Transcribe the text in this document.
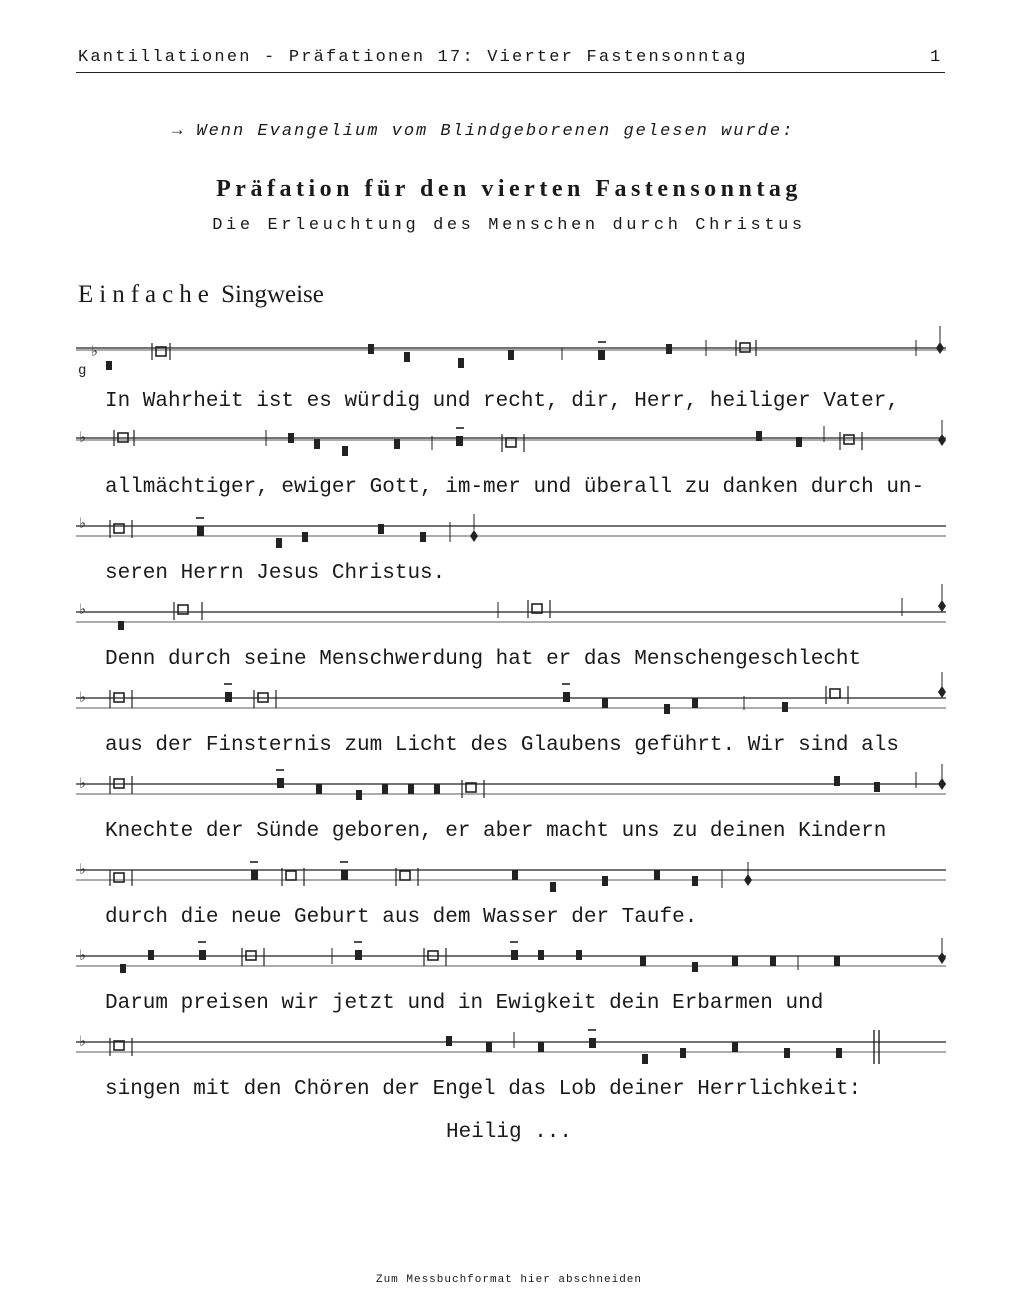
Kantillationen - Präfationen 17: Vierter Fastensonntag	1
→ Wenn Evangelium vom Blindgeborenen gelesen wurde:
Präfation für den vierten Fastensonntag
Die Erleuchtung des Menschen durch Christus
Einfache Singweise
♭
g
In Wahrheit ist es würdig und recht, dir, Herr, heiliger Vater,
♭
allmächtiger, ewiger Gott, im-mer und überall zu danken durch un-
♭
seren Herrn Jesus Christus.
♭
Denn durch seine Menschwerdung hat er das Menschengeschlecht
♭
aus der Finsternis zum Licht des Glaubens geführt. Wir sind als
♭
Knechte der Sünde geboren, er aber macht uns zu deinen Kindern
♭
durch die neue Geburt aus dem Wasser der Taufe.
♭
Darum preisen wir jetzt und in Ewigkeit dein Erbarmen und
♭
singen mit den Chören der Engel das Lob deiner Herrlichkeit:
Heilig ...
Zum Messbuchformat hier abschneiden
